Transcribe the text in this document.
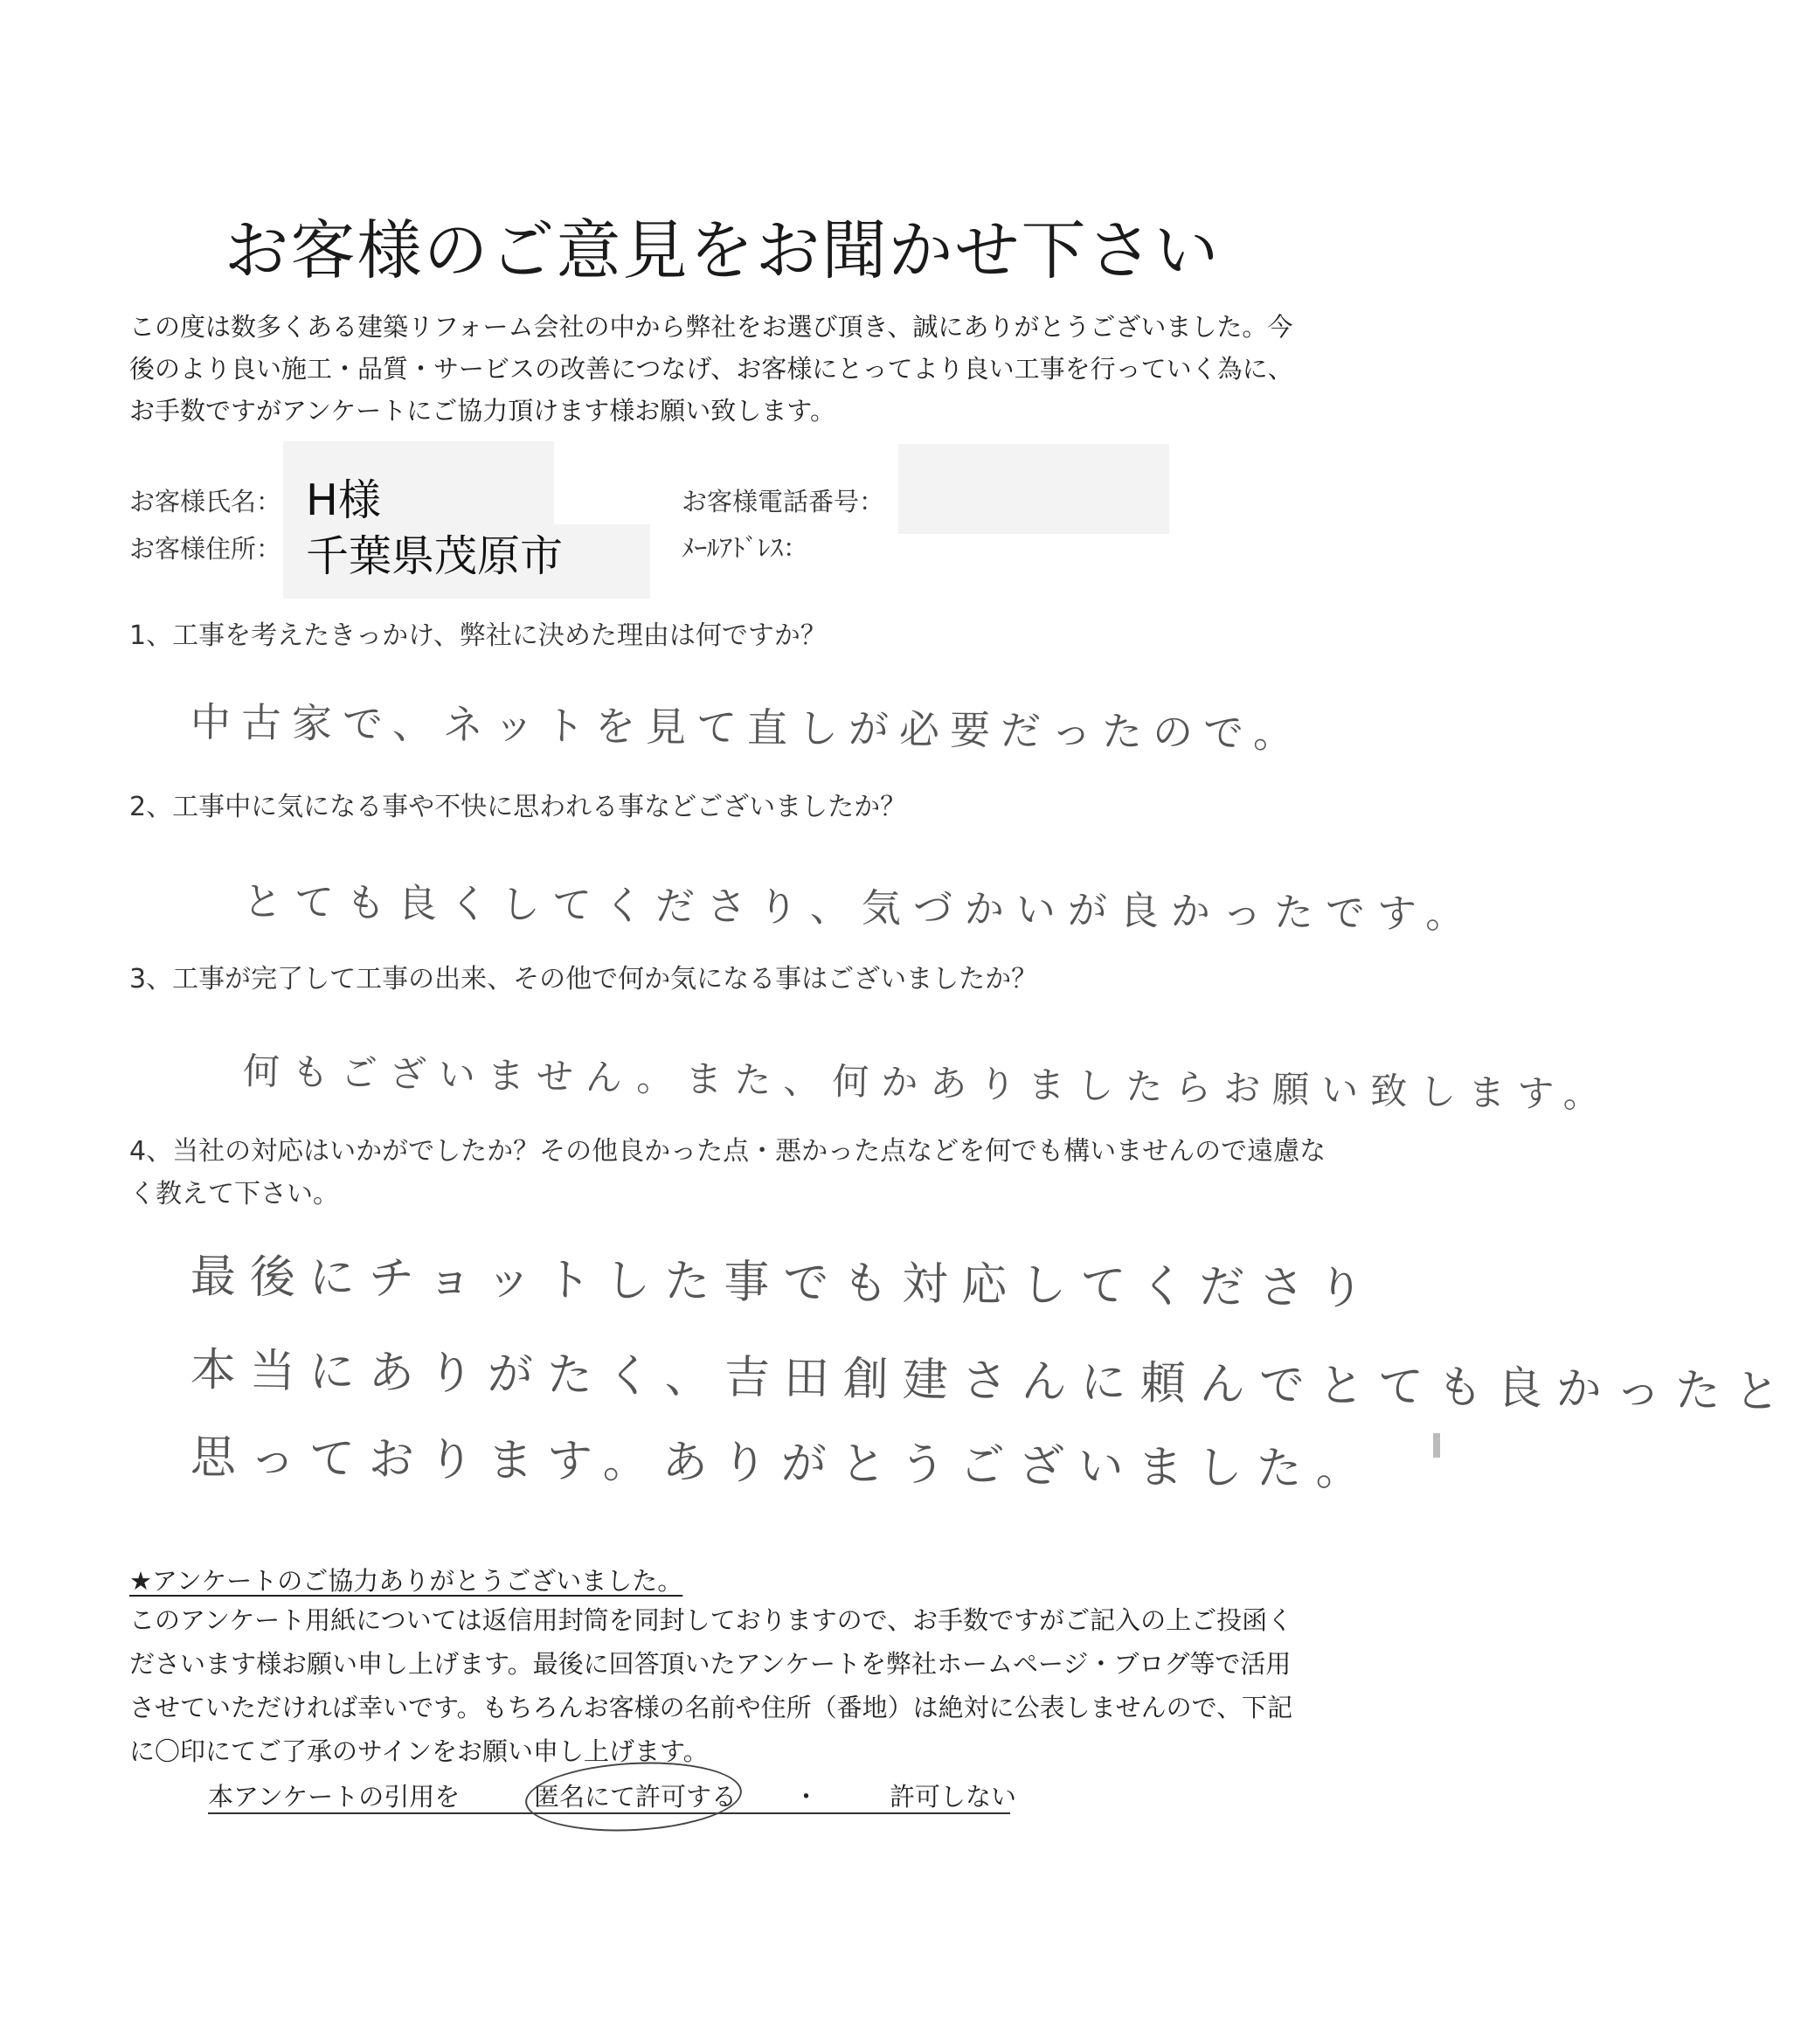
お客様のご意見をお聞かせ下さい
この度は数多くある建築リフォーム会社の中から弊社をお選び頂き、誠にありがとうございました。今
後のより良い施工・品質・サービスの改善につなげ、お客様にとってより良い工事を行っていく為に、
お手数ですがアンケートにご協力頂けます様お願い致します。
お客様氏名： H様
お客様住所： 千葉県茂原市
お客様電話番号：
ﾒｰﾙｱﾄﾞﾚｽ：
1、工事を考えたきっかけ、弊社に決めた理由は何ですか？
中古家で、ネットを見て直しが必要だったので。
2、工事中に気になる事や不快に思われる事などございましたか？
とても良くしてくださり、気づかいが良かったです。
3、工事が完了して工事の出来、その他で何か気になる事はございましたか？
何もございません。また、何かありましたらお願い致します。
4、当社の対応はいかがでしたか？その他良かった点・悪かった点などを何でも構いませんので遠慮な
く教えて下さい。
最後にチョットした事でも対応してくださり
本当にありがたく、吉田創建さんに頼んでとても良かったと
思っております。ありがとうございました。
★アンケートのご協力ありがとうございました。
このアンケート用紙については返信用封筒を同封しておりますので、お手数ですがご記入の上ご投函く
ださいます様お願い申し上げます。最後に回答頂いたアンケートを弊社ホームページ・ブログ等で活用
させていただければ幸いです。もちろんお客様の名前や住所（番地）は絶対に公表しませんので、下記
に〇印にてご了承のサインをお願い申し上げます。
本アンケートの引用を	匿名にて許可する ・	許可しない
